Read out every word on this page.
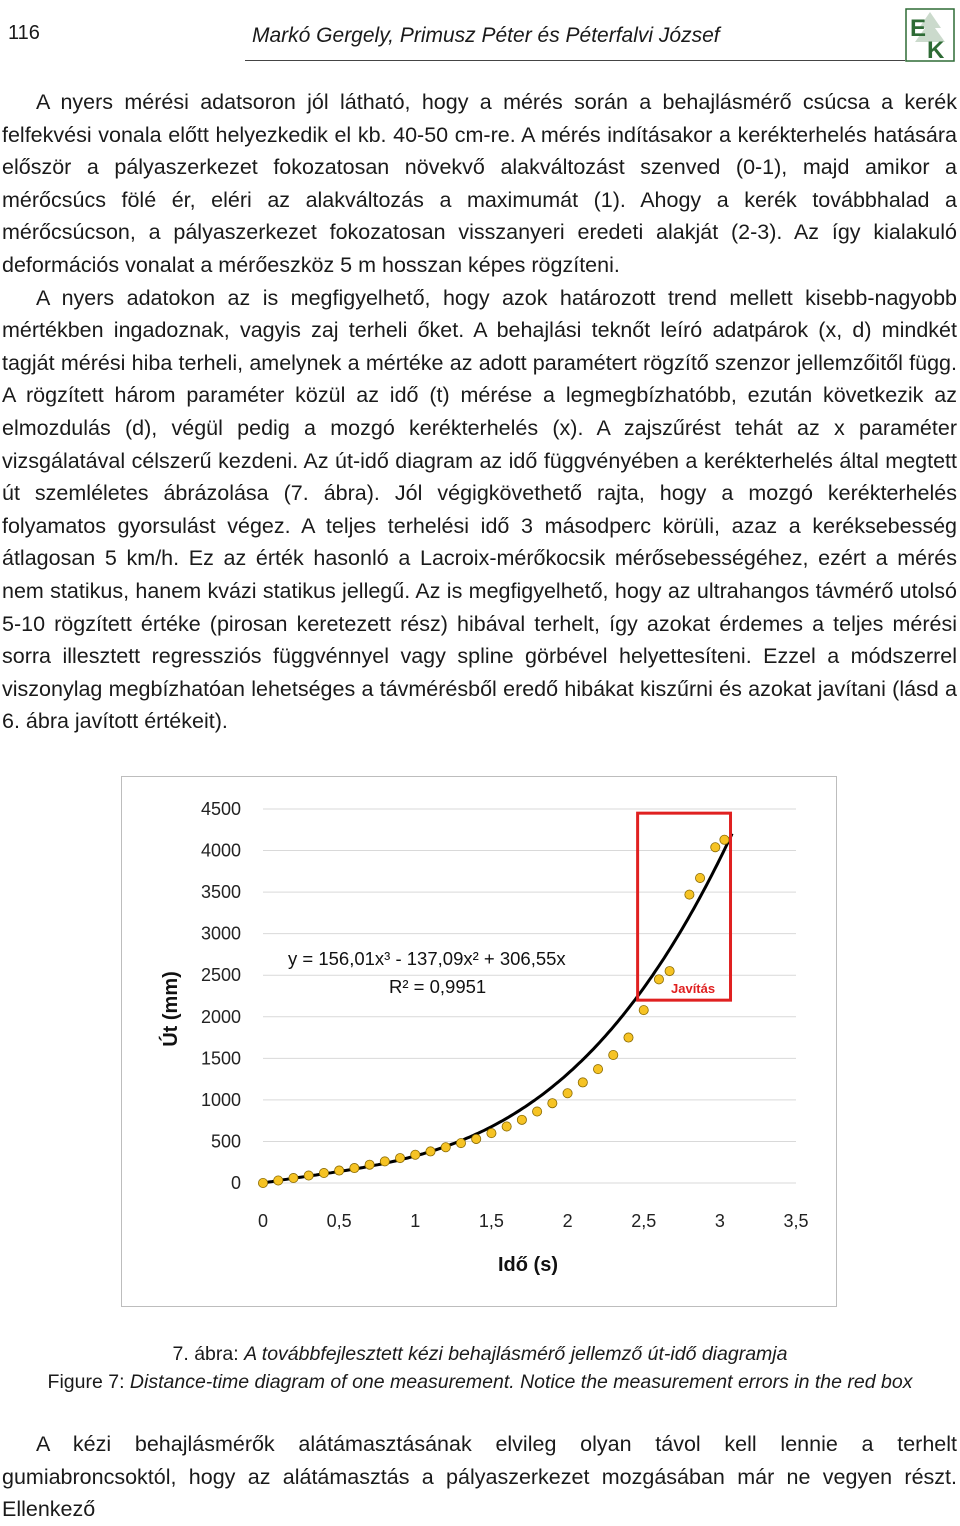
116	Markó Gergely, Primusz Péter és Péterfalvi József	E
K

A nyers mérési adatsoron jól látható, hogy a mérés során a behajlásmérő csúcsa a kerék felfekvési vonala előtt helyezkedik el kb. 40-50 cm-re. A mérés indításakor a kerékterhelés hatására először a pályaszerkezet fokozatosan növekvő alakváltozást szenved (0-1), majd amikor a mérőcsúcs fölé ér, eléri az alakváltozás a maximumát (1). Ahogy a kerék továbbhalad a mérőcsúcson, a pályaszerkezet fokozatosan visszanyeri eredeti alakját (2-3). Az így kialakuló deformációs vonalat a mérőeszköz 5 m hosszan képes rögzíteni.

A nyers adatokon az is megfigyelhető, hogy azok határozott trend mellett kisebb-nagyobb mértékben ingadoznak, vagyis zaj terheli őket. A behajlási teknőt leíró adatpárok (x, d) mindkét tagját mérési hiba terheli, amelynek a mértéke az adott paramétert rögzítő szenzor jellemzőitől függ. A rögzített három paraméter közül az idő (t) mérése a legmegbízhatóbb, ezután következik az elmozdulás (d), végül pedig a mozgó kerékterhelés (x). A zajszűrést tehát az x paraméter vizsgálatával célszerű kezdeni. Az út-idő diagram az idő függvényében a kerékterhelés által megtett út szemléletes ábrázolása (7. ábra). Jól végigkövethető rajta, hogy a mozgó kerékterhelés folyamatos gyorsulást végez. A teljes terhelési idő 3 másodperc körüli, azaz a keréksebesség átlagosan 5 km/h. Ez az érték hasonló a Lacroix-mérőkocsik mérősebességéhez, ezért a mérés nem statikus, hanem kvázi statikus jellegű. Az is megfigyelhető, hogy az ultrahangos távmérő utolsó 5-10 rögzített értéke (pirosan keretezett rész) hibával terhelt, így azokat érdemes a teljes mérési sorra illesztett regressziós függvénnyel vagy spline görbével helyettesíteni. Ezzel a módszerrel viszonylag megbízhatóan lehetséges a távmérésből eredő hibákat kiszűrni és azokat javítani (lásd a 6. ábra javított értékeit).

0
500
1000
1500
2000
2500
3000
3500
4000
4500
0	0,5	1	1,5	2	2,5	3	3,5
y = 156,01x³ - 137,09x² + 306,55x
R² = 0,9951	Javítás
Út (mm)
Idő (s)
7. ábra: A továbbfejlesztett kézi behajlásmérő jellemző út-idő diagramja
Figure 7: Distance-time diagram of one measurement. Notice the measurement errors in the red box

A kézi behajlásmérők alátámasztásának elvileg olyan távol kell lennie a terhelt gumiabroncsoktól, hogy az alátámasztás a pályaszerkezet mozgásában már ne vegyen részt. Ellenkező
